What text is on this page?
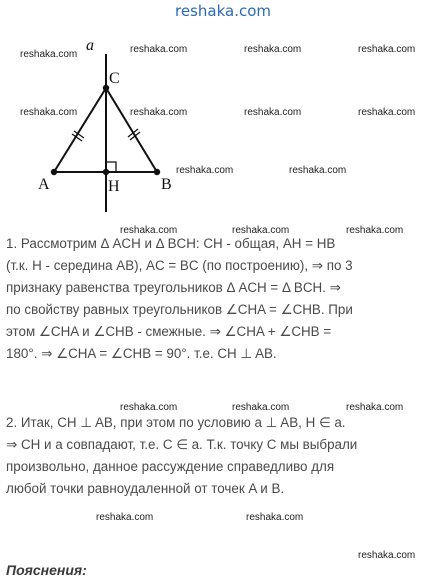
reshaka.com
reshaka.com	reshaka.com	reshaka.com	reshaka.com
reshaka.com	reshaka.com	reshaka.com	reshaka.com
reshaka.com	reshaka.com
reshaka.com	reshaka.com	reshaka.com
reshaka.com	reshaka.com	reshaka.com
reshaka.com	reshaka.com
reshaka.com
a
C
A	B
H
1. Рассмотрим Δ ACH и Δ BCH: CH - общая, AH = HB
(т.к. H - середина AB), AC = BC (по построению), ⇒ по 3
признаку равенства треугольников Δ ACH = Δ BCH. ⇒
по свойству равных треугольников ∠CHA = ∠CHB. При
этом ∠CHA и ∠CHB - смежные. ⇒ ∠CHA + ∠CHB =
180°. ⇒ ∠CHA = ∠CHB = 90°. т.е. CH ⊥ AB.
2. Итак, CH ⊥ AB, при этом по условию a ⊥ AB, H ∈ a.
⇒ CH и a совпадают, т.е. C ∈ a. Т.к. точку C мы выбрали
произвольно, данное рассуждение справедливо для
любой точки равноудаленной от точек A и B.
Пояснения:
